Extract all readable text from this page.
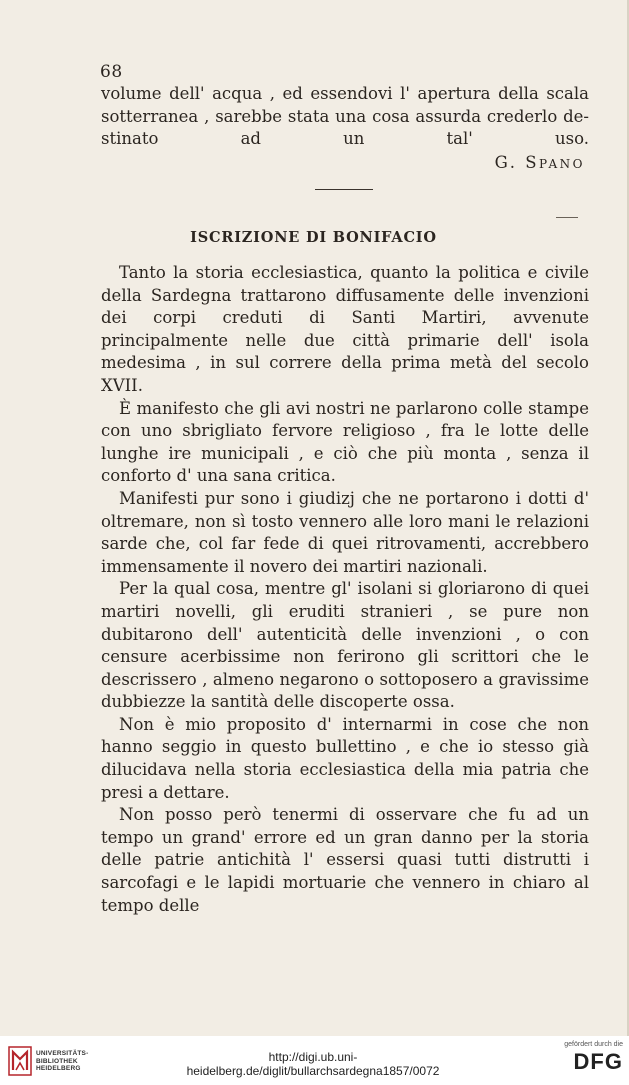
68
volume dell' acqua , ed essendovi l' apertura della scala
sotterranea , sarebbe stata una cosa assurda crederlo de-
stinato ad un tal' uso.
G. Spano
ISCRIZIONE DI BONIFACIO

Tanto la storia ecclesiastica, quanto la politica e civile della Sardegna trattarono diffusamente delle invenzioni dei corpi creduti di Santi Martiri, avvenute principalmente nelle due città primarie dell' isola medesima , in sul correre della prima metà del secolo XVII.

È manifesto che gli avi nostri ne parlarono colle stampe con uno sbrigliato fervore religioso , fra le lotte delle lunghe ire municipali , e ciò che più monta , senza il conforto d' una sana critica.

Manifesti pur sono i giudizj che ne portarono i dotti d' oltremare, non sì tosto vennero alle loro mani le relazioni sarde che, col far fede di quei ritrovamenti, accrebbero immensamente il novero dei martiri nazionali.

Per la qual cosa, mentre gl' isolani si gloriarono di quei martiri novelli, gli eruditi stranieri , se pure non dubitarono dell' autenticità delle invenzioni , o con censure acerbissime non ferirono gli scrittori che le descrissero , almeno negarono o sottoposero a gravissime dubbiezze la santità delle discoperte ossa.

Non è mio proposito d' internarmi in cose che non hanno seggio in questo bullettino , e che io stesso già dilucidava nella storia ecclesiastica della mia patria che presi a dettare.

Non posso però tenermi di osservare che fu ad un tempo un grand' errore ed un gran danno per la storia delle patrie antichità l' essersi quasi tutti distrutti i sarcofagi e le lapidi mortuarie che vennero in chiaro al tempo delle

UNIVERSITÄTS-
BIBLIOTHEK
HEIDELBERG
http://digi.ub.uni-heidelberg.de/diglit/bullarchsardegna1857/0072
gefördert durch die
DFG
